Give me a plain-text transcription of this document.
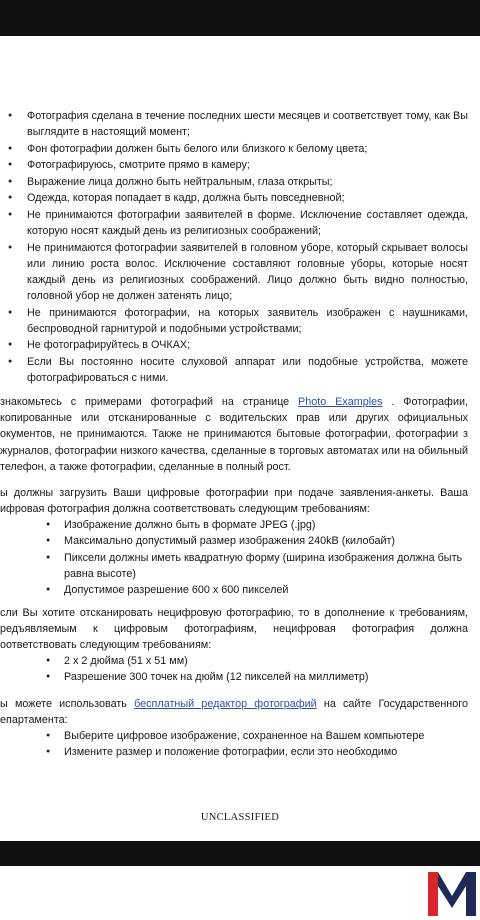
● Фотография сделана в течение последних шести месяцев и соответствует тому, как Вы выглядите в настоящий момент;
● Фон фотографии должен быть белого или близкого к белому цвета;
● Фотографируюсь, смотрите прямо в камеру;
● Выражение лица должно быть нейтральным, глаза открыты;
● Одежда, которая попадает в кадр, должна быть повседневной;
● Не принимаются фотографии заявителей в форме. Исключение составляет одежда, которую носят каждый день из религиозных соображений;
● Не принимаются фотографии заявителей в головном уборе, который скрывает волосы или линию роста волос. Исключение составляют головные уборы, которые носят каждый день из религиозных соображений. Лицо должно быть видно полностью, головной убор не должен затенять лицо;
● Не принимаются фотографии, на которых заявитель изображен с наушниками, беспроводной гарнитурой и подобными устройствами;
● Не фотографируйтесь в ОЧКАХ;
● Если Вы постоянно носите слуховой аппарат или подобные устройства, можете фотографироваться с ними.

знакомьтесь с примерами фотографий на странице Photo Examples . Фотографии, копированные или отсканированные с водительских прав или других официальных окументов, не принимаются. Также не принимаются бытовые фотографии, фотографии з журналов, фотографии низкого качества, сделанные в торговых автоматах или на обильный телефон, а также фотографии, сделанные в полный рост.

ы должны загрузить Ваши цифровые фотографии при подаче заявления-анкеты. Ваша ифровая фотография должна соответствовать следующим требованиям:

● Изображение должно быть в формате JPEG (.jpg)
● Максимально допустимый размер изображения 240kB (килобайт)
● Пиксели должны иметь квадратную форму (ширина изображения должна быть равна высоте)
● Допустимое разрешение 600 х 600 пикселей

сли Вы хотите отсканировать нецифровую фотографию, то в дополнение к требованиям, редъявляемым к цифровым фотографиям, нецифровая фотография должна оответствовать следующим требованиям:

● 2 х 2 дюйма (51 х 51 мм)
● Разрешение 300 точек на дюйм (12 пикселей на миллиметр)

ы можете использовать бесплатный редактор фотографий на сайте Государственного епартамента:

● Выберите цифровое изображение, сохраненное на Вашем компьютере
● Измените размер и положение фотографии, если это необходимо
UNCLASSIFIED
